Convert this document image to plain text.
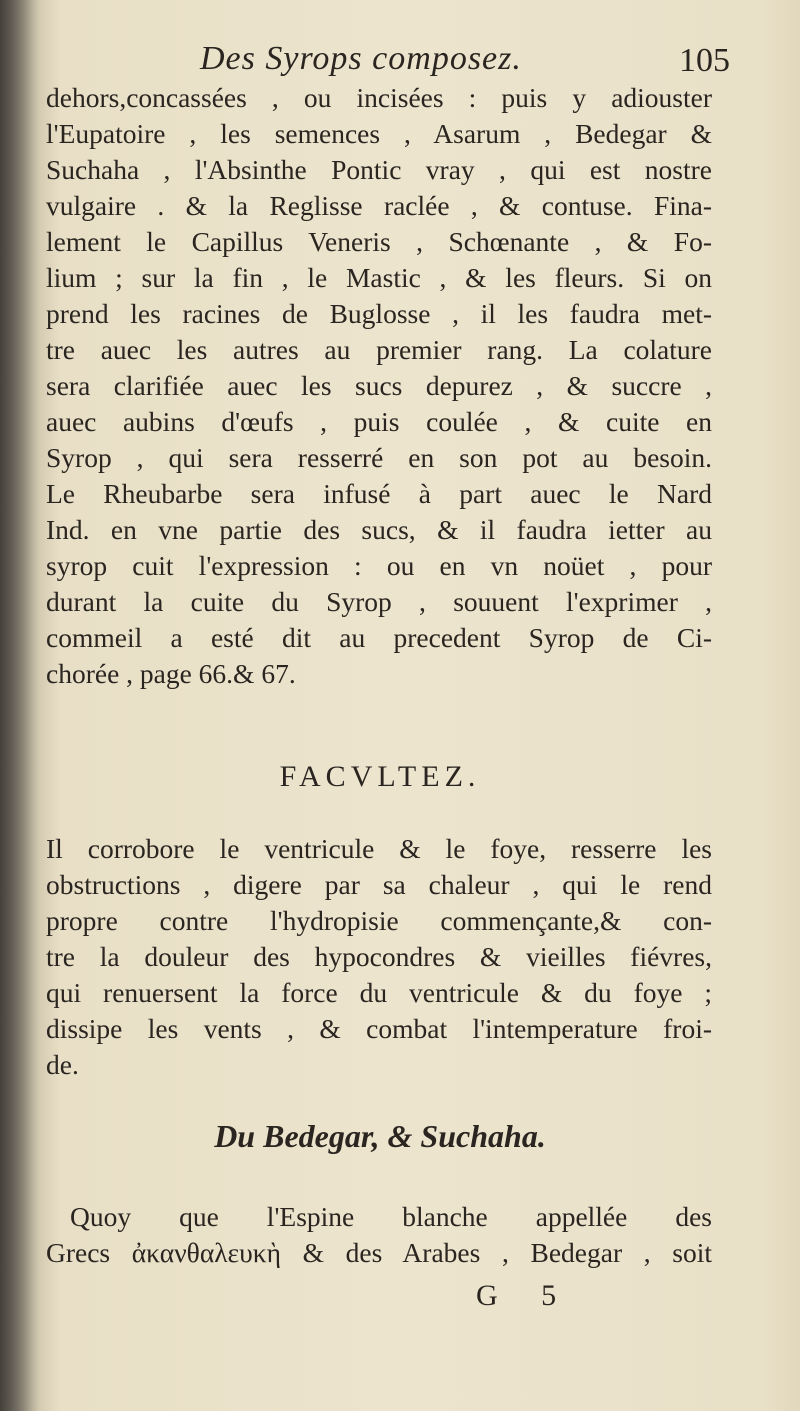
Des Syrops composez.	105
dehors,concassées , ou incisées : puis y adiouster
l'Eupatoire , les semences , Asarum , Bedegar &
Suchaha , l'Absinthe Pontic vray , qui est nostre
vulgaire . & la Reglisse raclée , & contuse. Fina-
lement le Capillus Veneris , Schœnante , & Fo-
lium ; sur la fin , le Mastic , & les fleurs. Si on
prend les racines de Buglosse , il les faudra met-
tre auec les autres au premier rang. La colature
sera clarifiée auec les sucs depurez , & succre ,
auec aubins d'œufs , puis coulée , & cuite en
Syrop , qui sera resserré en son pot au besoin.
Le Rheubarbe sera infusé à part auec le Nard
Ind. en vne partie des sucs, & il faudra ietter au
syrop cuit l'expression : ou en vn noüet , pour
durant la cuite du Syrop , souuent l'exprimer ,
commeil a esté dit au precedent Syrop de Ci-
chorée , page 66.& 67.
FACVLTEZ.
Il corrobore le ventricule & le foye, resserre les
obstructions , digere par sa chaleur , qui le rend
propre contre l'hydropisie commençante,& con-
tre la douleur des hypocondres & vieilles fiévres,
qui renuersent la force du ventricule & du foye ;
dissipe les vents , & combat l'intemperature froi-
de.
Du Bedegar, & Suchaha.
Quoy que l'Espine blanche appellée des
Grecs ἀκανθαλευκὴ & des Arabes , Bedegar , soit
G 5
